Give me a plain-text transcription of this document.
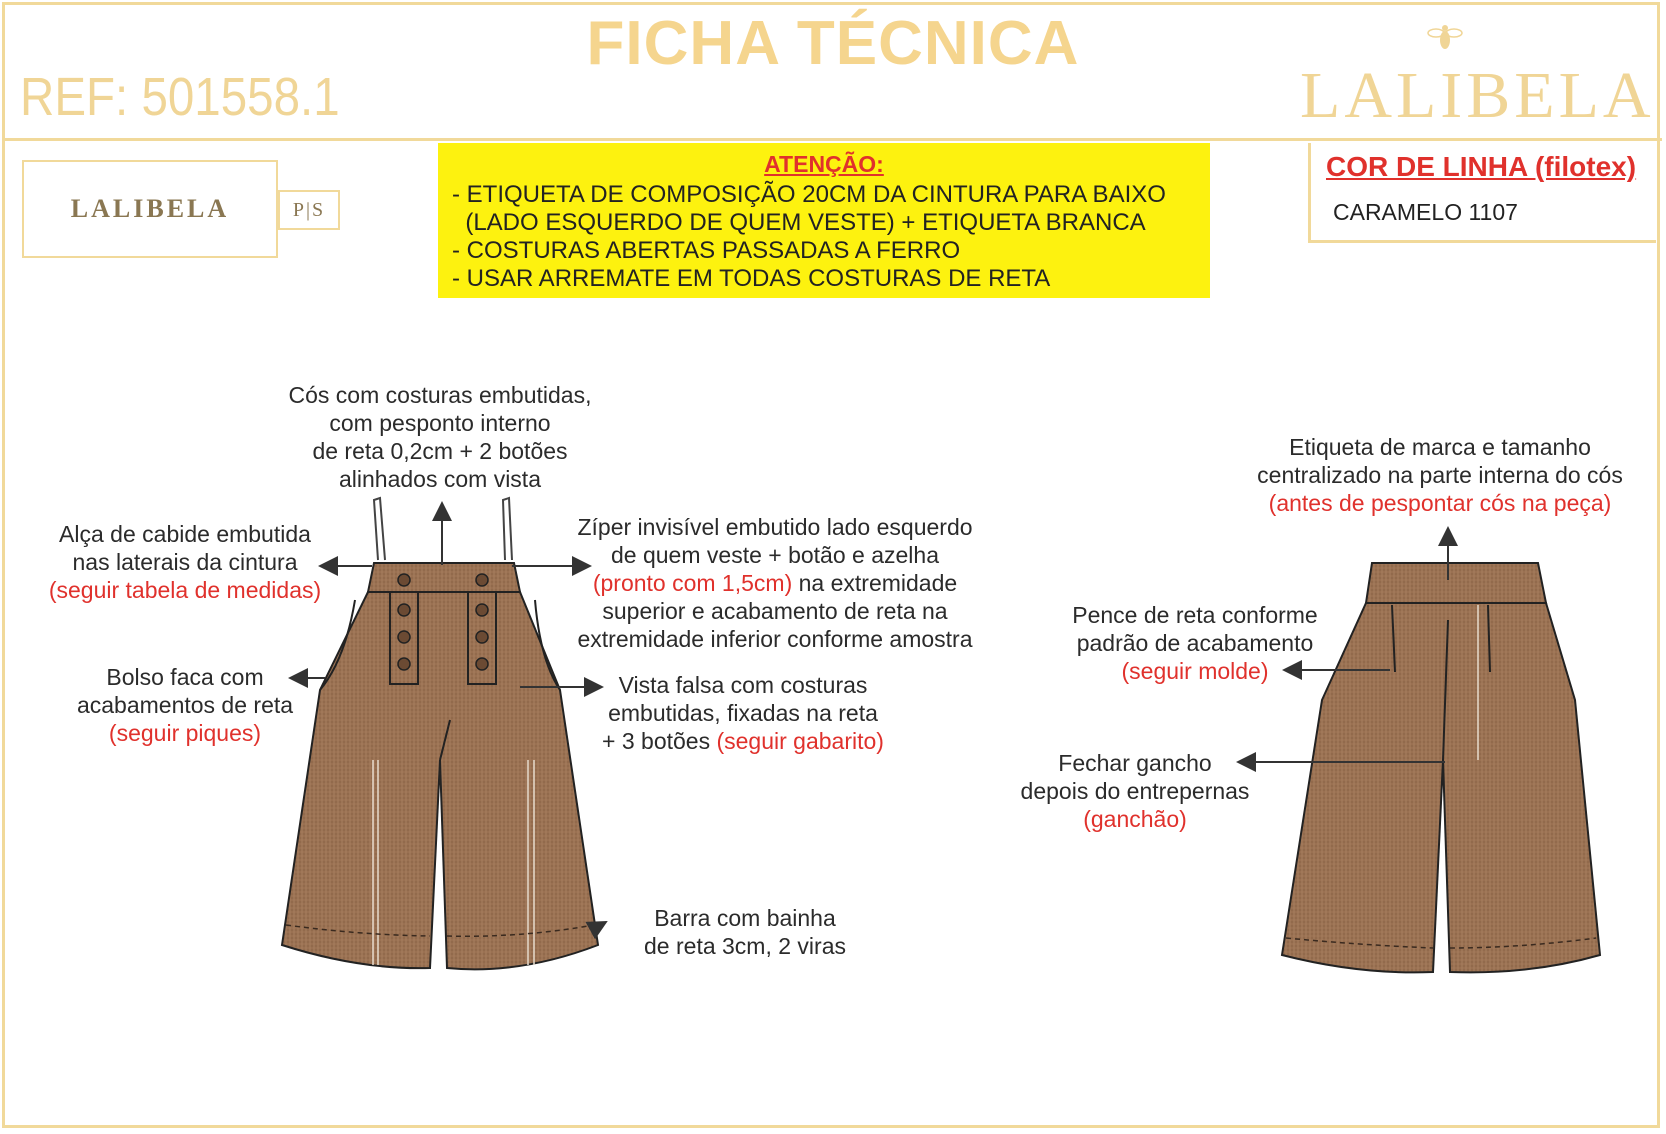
FICHA TÉCNICA
REF: 501558.1	LALIBELA
LALIBELA	P|S
ATENÇÃO:
- ETIQUETA DE COMPOSIÇÃO 20CM DA CINTURA PARA BAIXO
(LADO ESQUERDO DE QUEM VESTE) + ETIQUETA BRANCA
- COSTURAS ABERTAS PASSADAS A FERRO
- USAR ARREMATE EM TODAS COSTURAS DE RETA
COR DE LINHA (filotex)
CARAMELO 1107
Cós com costuras embutidas,
com pesponto interno
de reta 0,2cm + 2 botões
alinhados com vista
Alça de cabide embutida
nas laterais da cintura
(seguir tabela de medidas)
Zíper invisível embutido lado esquerdo
de quem veste + botão e azelha
(pronto com 1,5cm) na extremidade
superior e acabamento de reta na
extremidade inferior conforme amostra
Bolso faca com
acabamentos de reta
(seguir piques)
Vista falsa com costuras
embutidas, fixadas na reta
+ 3 botões (seguir gabarito)
Barra com bainha
de reta 3cm, 2 viras
Etiqueta de marca e tamanho
centralizado na parte interna do cós
(antes de pespontar cós na peça)
Pence de reta conforme
padrão de acabamento
(seguir molde)
Fechar gancho
depois do entrepernas
(ganchão)
